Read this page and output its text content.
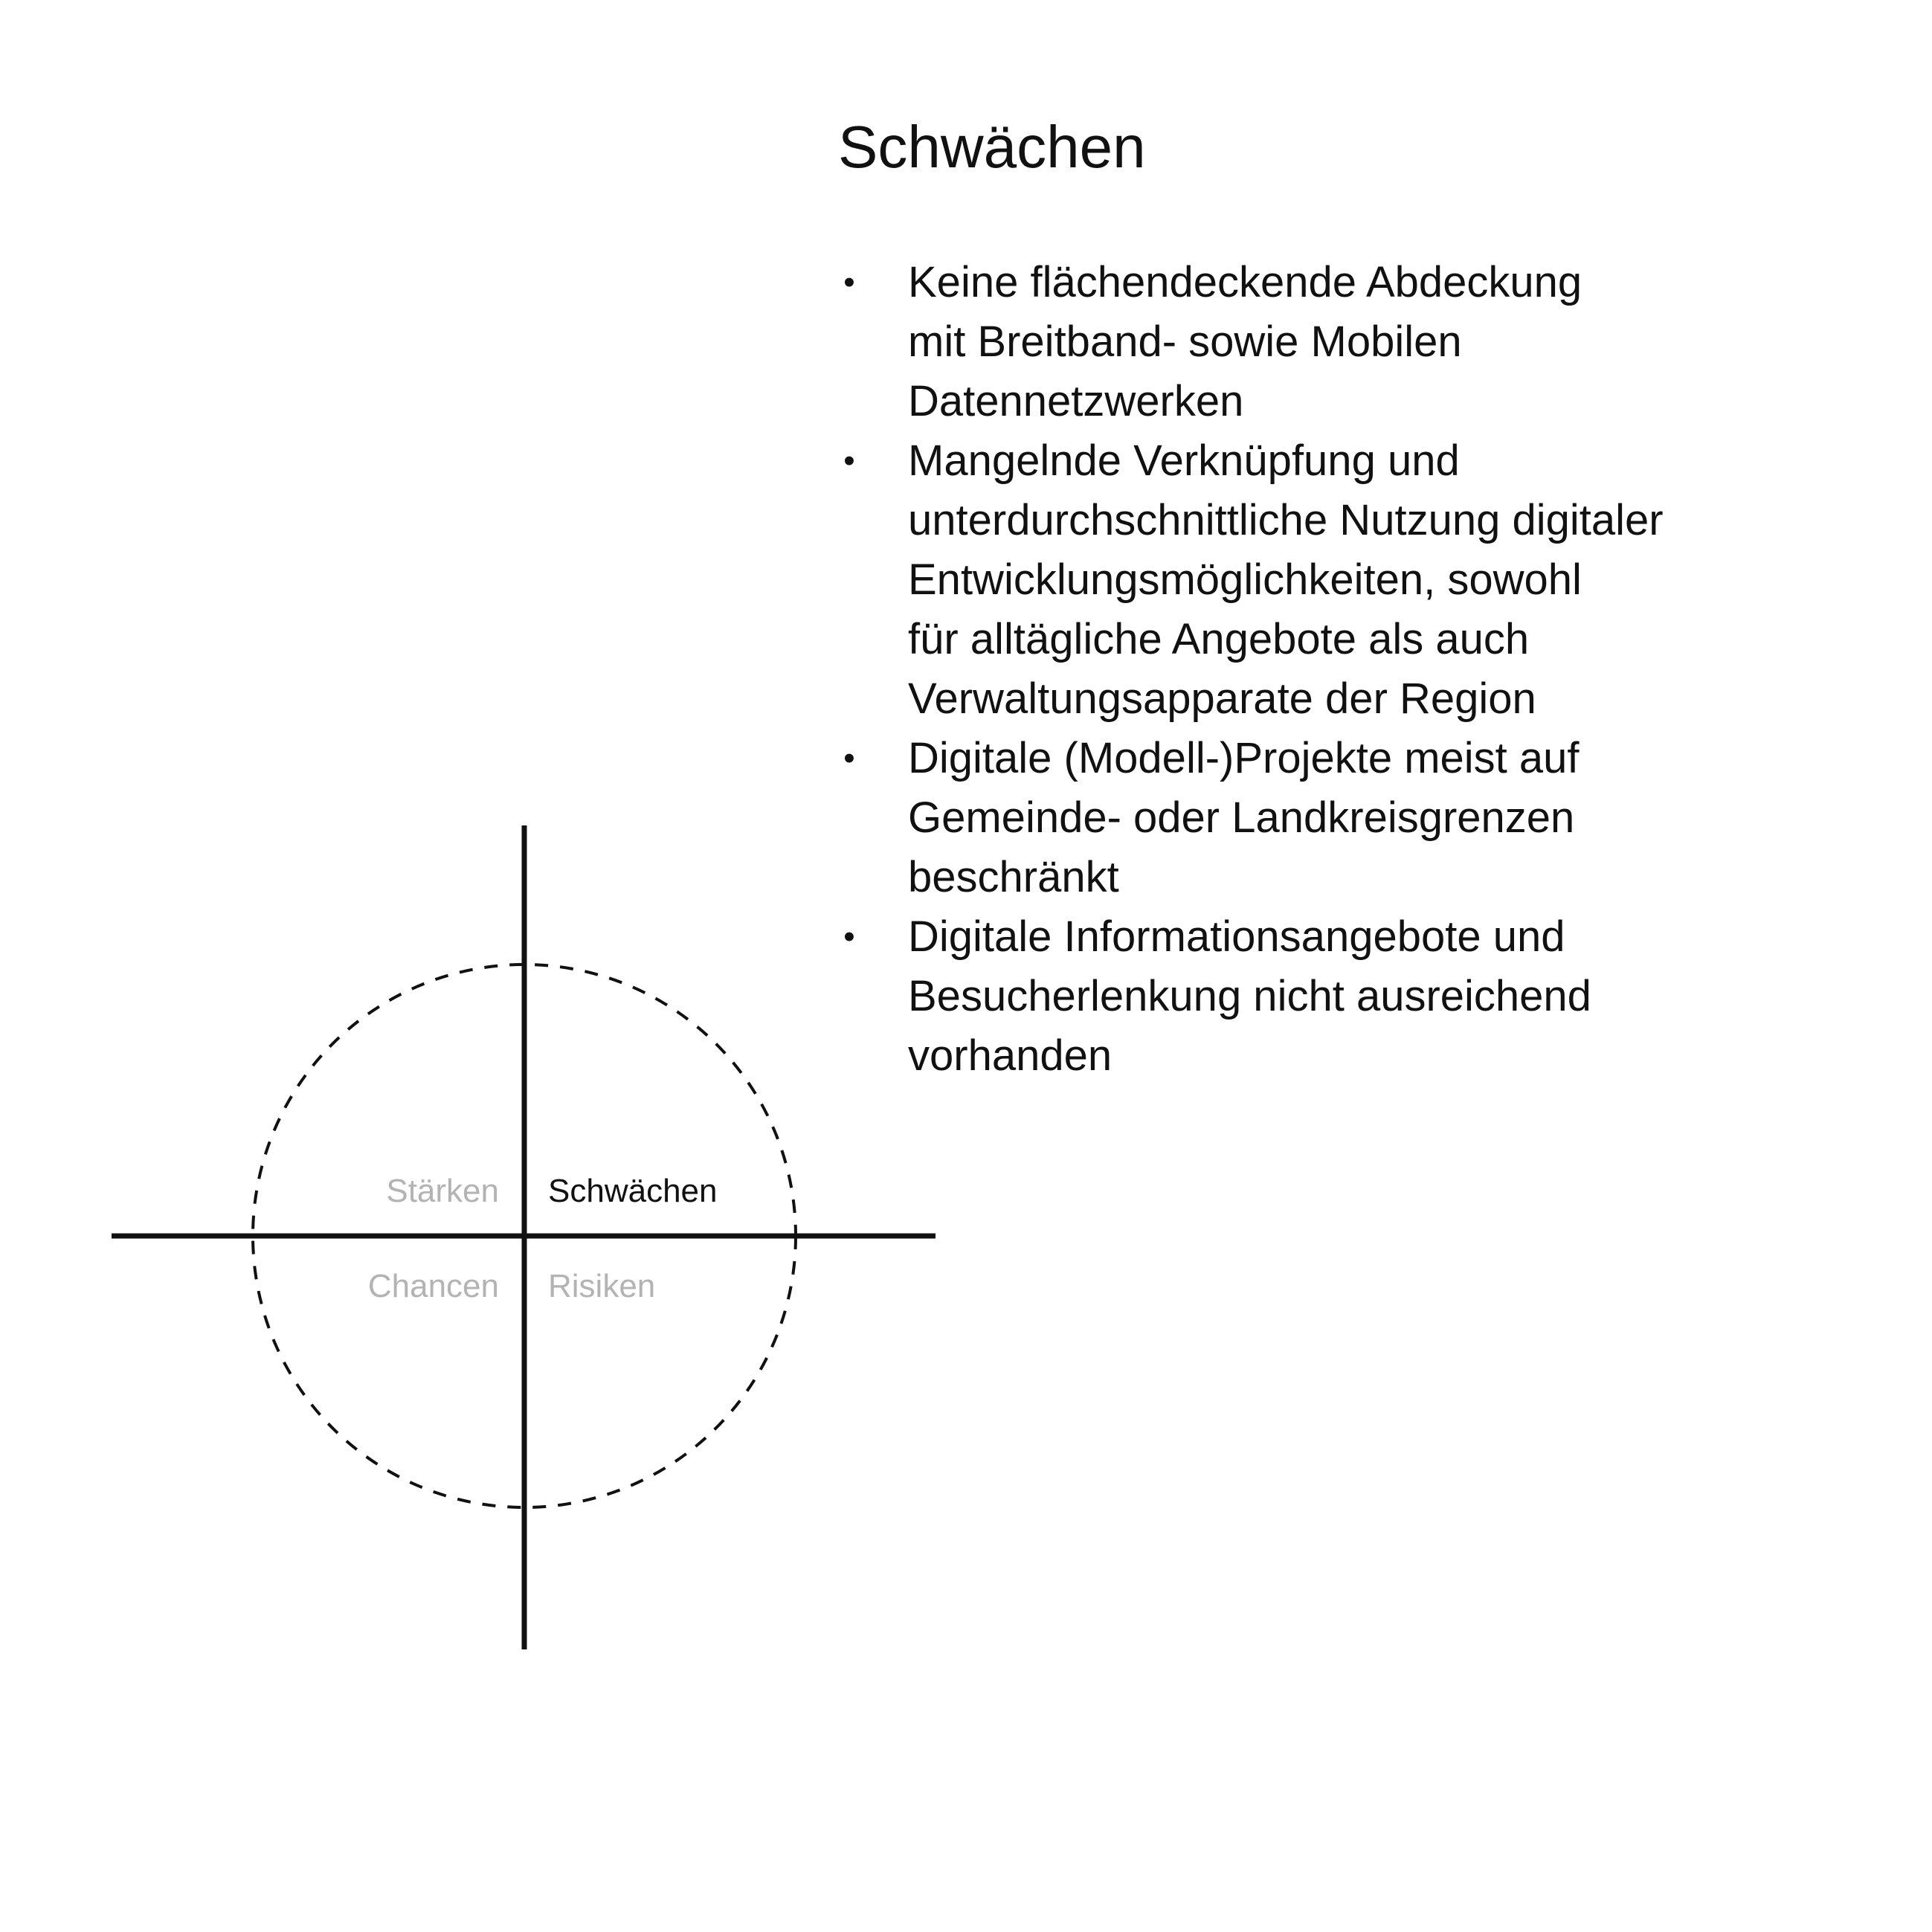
Schwächen
• Keine flächendeckende Abdeckung
mit Breitband- sowie Mobilen
Datennetzwerken
• Mangelnde Verknüpfung und
unterdurchschnittliche Nutzung digitaler
Entwicklungsmöglichkeiten, sowohl
für alltägliche Angebote als auch
Verwaltungsapparate der Region
• Digitale (Modell-)Projekte meist auf
Gemeinde- oder Landkreisgrenzen
beschränkt
• Digitale Informationsangebote und
Besucherlenkung nicht ausreichend
vorhanden
Stärken Schwächen
Chancen Risiken
